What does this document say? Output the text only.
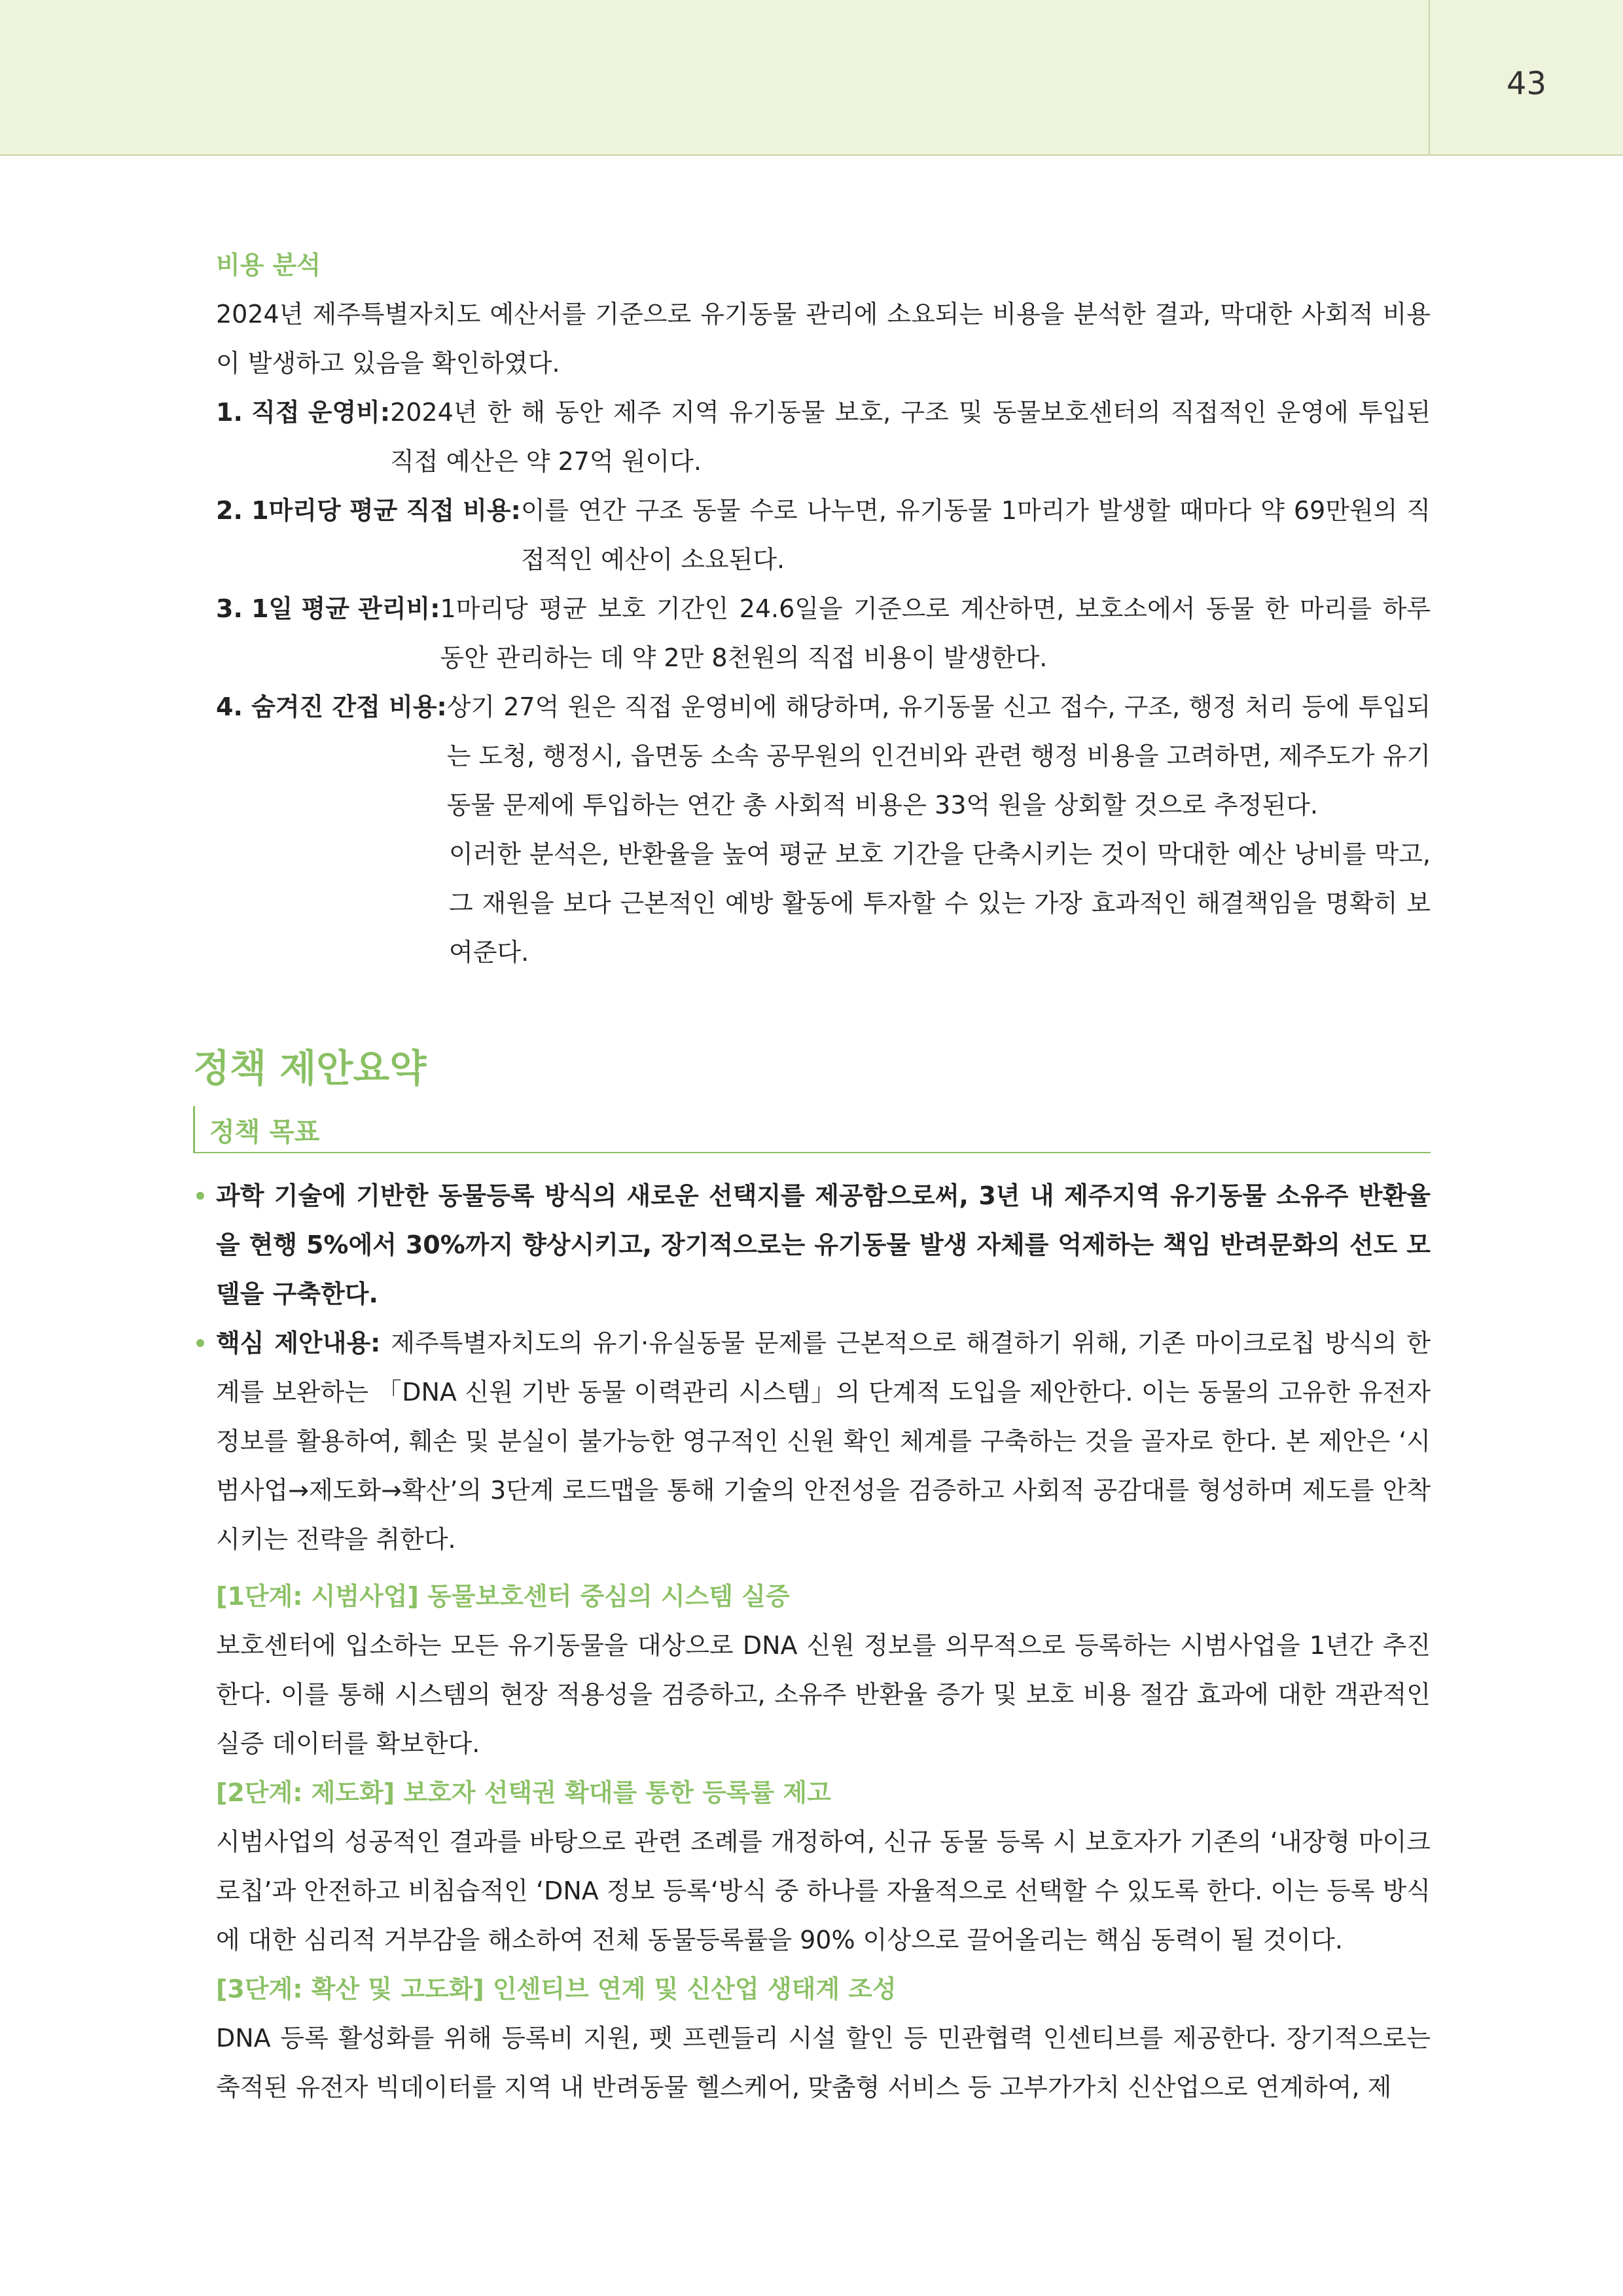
43
비용 분석
2024년 제주특별자치도 예산서를 기준으로 유기동물 관리에 소요되는 비용을 분석한 결과, 막대한 사회적 비용이 발생하고 있음을 확인하였다.
1. 직접 운영비: 2024년 한 해 동안 제주 지역 유기동물 보호, 구조 및 동물보호센터의 직접적인 운영에 투입된 직접 예산은 약 27억 원이다.
2. 1마리당 평균 직접 비용: 이를 연간 구조 동물 수로 나누면, 유기동물 1마리가 발생할 때마다 약 69만원의 직접적인 예산이 소요된다.
3. 1일 평균 관리비: 1마리당 평균 보호 기간인 24.6일을 기준으로 계산하면, 보호소에서 동물 한 마리를 하루 동안 관리하는 데 약 2만 8천원의 직접 비용이 발생한다.
4. 숨겨진 간접 비용: 상기 27억 원은 직접 운영비에 해당하며, 유기동물 신고 접수, 구조, 행정 처리 등에 투입되는 도청, 행정시, 읍면동 소속 공무원의 인건비와 관련 행정 비용을 고려하면, 제주도가 유기동물 문제에 투입하는 연간 총 사회적 비용은 33억 원을 상회할 것으로 추정된다.
이러한 분석은, 반환율을 높여 평균 보호 기간을 단축시키는 것이 막대한 예산 낭비를 막고, 그 재원을 보다 근본적인 예방 활동에 투자할 수 있는 가장 효과적인 해결책임을 명확히 보여준다.
정책 제안요약
정책 목표
과학 기술에 기반한 동물등록 방식의 새로운 선택지를 제공함으로써, 3년 내 제주지역 유기동물 소유주 반환율을 현행 5%에서 30%까지 향상시키고, 장기적으로는 유기동물 발생 자체를 억제하는 책임 반려문화의 선도 모델을 구축한다.
핵심 제안내용: 제주특별자치도의 유기·유실동물 문제를 근본적으로 해결하기 위해, 기존 마이크로칩 방식의 한계를 보완하는 「DNA 신원 기반 동물 이력관리 시스템」의 단계적 도입을 제안한다. 이는 동물의 고유한 유전자 정보를 활용하여, 훼손 및 분실이 불가능한 영구적인 신원 확인 체계를 구축하는 것을 골자로 한다. 본 제안은 ‘시범사업→제도화→확산’의 3단계 로드맵을 통해 기술의 안전성을 검증하고 사회적 공감대를 형성하며 제도를 안착시키는 전략을 취한다.
[1단계: 시범사업] 동물보호센터 중심의 시스템 실증
보호센터에 입소하는 모든 유기동물을 대상으로 DNA 신원 정보를 의무적으로 등록하는 시범사업을 1년간 추진한다. 이를 통해 시스템의 현장 적용성을 검증하고, 소유주 반환율 증가 및 보호 비용 절감 효과에 대한 객관적인 실증 데이터를 확보한다.
[2단계: 제도화] 보호자 선택권 확대를 통한 등록률 제고
시범사업의 성공적인 결과를 바탕으로 관련 조례를 개정하여, 신규 동물 등록 시 보호자가 기존의 ‘내장형 마이크로칩’과 안전하고 비침습적인 ‘DNA 정보 등록‘방식 중 하나를 자율적으로 선택할 수 있도록 한다. 이는 등록 방식에 대한 심리적 거부감을 해소하여 전체 동물등록률을 90% 이상으로 끌어올리는 핵심 동력이 될 것이다.
[3단계: 확산 및 고도화] 인센티브 연계 및 신산업 생태계 조성
DNA 등록 활성화를 위해 등록비 지원, 펫 프렌들리 시설 할인 등 민관협력 인센티브를 제공한다. 장기적으로는 축적된 유전자 빅데이터를 지역 내 반려동물 헬스케어, 맞춤형 서비스 등 고부가가치 신산업으로 연계하여, 제
